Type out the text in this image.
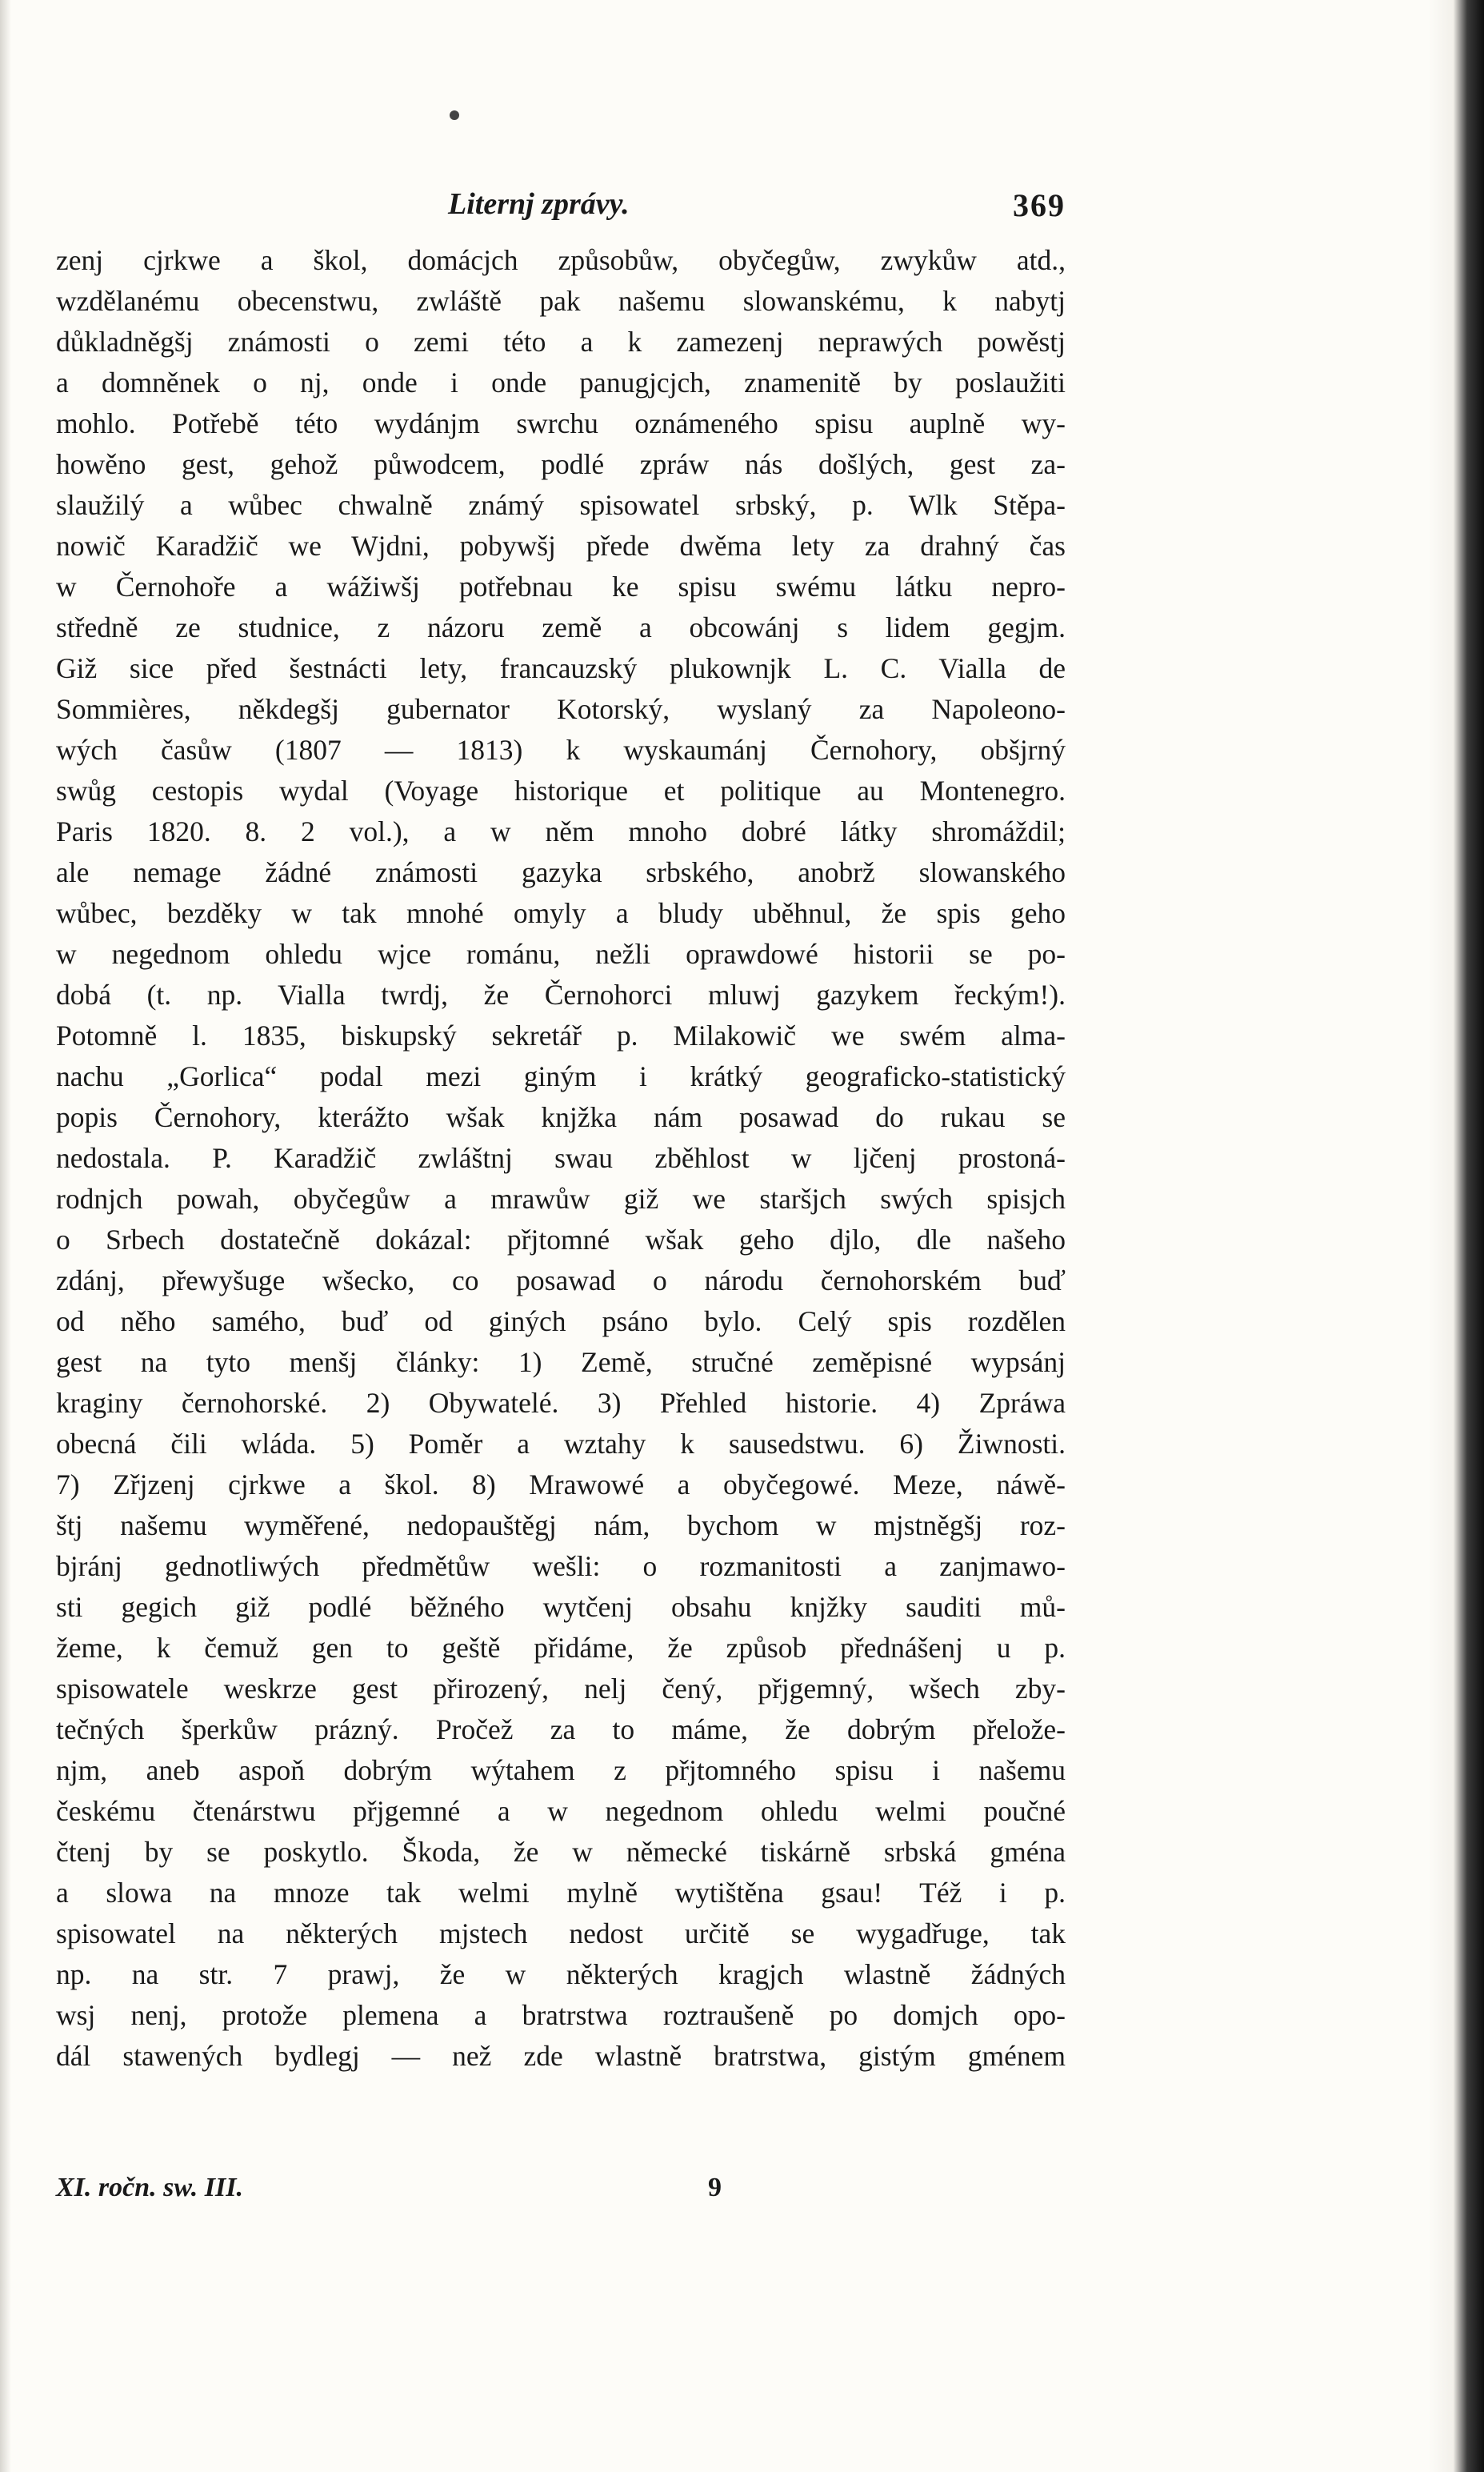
Liternj zprávy.	369
zenj cjrkwe a škol, domácjch způsobůw, obyčegůw, zwykůw atd.,
wzdělanému obecenstwu, zwláště pak našemu slowanskému, k nabytj
důkladněgšj známosti o zemi této a k zamezenj neprawých powěstj
a domněnek o nj, onde i onde panugjcjch, znamenitě by poslaužiti
mohlo. Potřebě této wydánjm swrchu oznámeného spisu auplně wy-
howěno gest, gehož půwodcem, podlé zpráw nás došlých, gest za-
slaužilý a wůbec chwalně známý spisowatel srbský, p. Wlk Stěpa-
nowič Karadžič we Wjdni, pobywšj přede dwěma lety za drahný čas
w Černohoře a wážiwšj potřebnau ke spisu swému látku nepro-
středně ze studnice, z názoru země a obcowánj s lidem gegjm.
Giž sice před šestnácti lety, francauzský plukownjk L. C. Vialla de
Sommières, někdegšj gubernator Kotorský, wyslaný za Napoleono-
wých časůw (1807 — 1813) k wyskaumánj Černohory, obšjrný
swůg cestopis wydal (Voyage historique et politique au Montenegro.
Paris 1820. 8. 2 vol.), a w něm mnoho dobré látky shromáždil;
ale nemage žádné známosti gazyka srbského, anobrž slowanského
wůbec, bezděky w tak mnohé omyly a bludy uběhnul, že spis geho
w negednom ohledu wjce románu, nežli oprawdowé historii se po-
dobá (t. np. Vialla twrdj, že Černohorci mluwj gazykem řeckým!).
Potomně l. 1835, biskupský sekretář p. Milakowič we swém alma-
nachu „Gorlica“ podal mezi giným i krátký geograficko-statistický
popis Černohory, kterážto wšak knjžka nám posawad do rukau se
nedostala. P. Karadžič zwláštnj swau zběhlost w ljčenj prostoná-
rodnjch powah, obyčegůw a mrawůw giž we staršjch swých spisjch
o Srbech dostatečně dokázal: přjtomné wšak geho djlo, dle našeho
zdánj, přewyšuge wšecko, co posawad o národu černohorském buď
od něho samého, buď od giných psáno bylo. Celý spis rozdělen
gest na tyto menšj články: 1) Země, stručné zeměpisné wypsánj
kraginy černohorské. 2) Obywatelé. 3) Přehled historie. 4) Zpráwa
obecná čili wláda. 5) Poměr a wztahy k sausedstwu. 6) Žiwnosti.
7) Zřjzenj cjrkwe a škol. 8) Mrawowé a obyčegowé. Meze, náwě-
štj našemu wyměřené, nedopauštěgj nám, bychom w mjstněgšj roz-
bjránj gednotliwých předmětůw wešli: o rozmanitosti a zanjmawo-
sti gegich giž podlé běžného wytčenj obsahu knjžky sauditi mů-
žeme, k čemuž gen to geště přidáme, že způsob přednášenj u p.
spisowatele weskrze gest přirozený, nelj čený, přjgemný, wšech zby-
tečných šperkůw prázný. Pročež za to máme, že dobrým přelože-
njm, aneb aspoň dobrým wýtahem z přjtomného spisu i našemu
českému čtenárstwu přjgemné a w negednom ohledu welmi poučné
čtenj by se poskytlo. Škoda, že w německé tiskárně srbská gména
a slowa na mnoze tak welmi mylně wytištěna gsau! Též i p.
spisowatel na některých mjstech nedost určitě se wygadřuge, tak
np. na str. 7 prawj, že w některých kragjch wlastně žádných
wsj nenj, protože plemena a bratrstwa roztraušeně po domjch opo-
dál stawených bydlegj — než zde wlastně bratrstwa, gistým gménem
XI. ročn. sw. III.	9
